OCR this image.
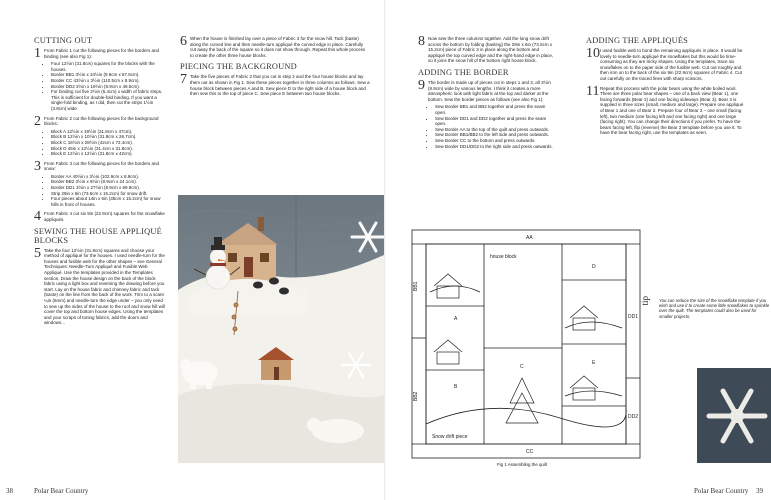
CUTTING OUT
1 From Fabric 1 cut the following pieces for the borders and binding (see also Fig 1):

• Four 12½in (31.8cm) squares for the blocks with the houses.
• Border BB1 3½in x 34½in (8.9cm x 87.6cm).
• Border CC 43½in x 3½in (110.5cm x 8.9cm).
• Border DD2 3½in x 19½in (8.9cm x 49.5cm).
• For binding cut five 2½in (6.4cm) x width of fabric strips. This is sufficient for double-fold binding. If you want a single-fold binding, as I did, then cut the strips 1½in (3.8cm) wide.
2 From Fabric 2 cut the following pieces for the background blocks:

• Block A 12½in x 18½in (31.8cm x 47cm).
• Block B 12½in x 10½in (31.8cm x 26.7cm).
• Block C 16½in x 28½in (42cm x 72.4cm).
• Block D 45in x 12½in (31.4cm x 31.8cm).
• Block E 12½in x 12½in (31.8cm x 42cm).
3 From Fabric 3 cut the following pieces for the borders and snow:

• Border AA 40½in x 3½in (102.9cm x 8.9cm).
• Border BB2 3½in x 9½in (8.9cm x 24.1cm).
• Border DD1 3½in x 27½in (8.9cm x 69.9cm).
• Strip 29in x 6in (73.6cm x 15.2cm) for snow drift.
• Four pieces about 14in x 6in (35cm x 15.2cm) for snow hills in front of houses.
4 From Fabric 4 cut six 9in (22.9cm) squares for the snowflake appliqués.

SEWING THE HOUSE APPLIQUÉ BLOCKS
5 Take the four 12½in (31.8cm) squares and choose your method of appliqué for the houses. I used needle-turn for the houses and fusible web for the other shapes – see General Techniques: Needle-Turn Appliqué and Fusible Web Appliqué. Use the templates provided in the Templates section. Draw the house design on the back of the block fabric using a light box and reversing the drawing before you start. Lay on the house fabric and chimney fabric and tack (baste) on the line from the back of the work. Trim to a scant ¼in (6mm) and needle-turn the edge under – you only need to sew up the sides of the house to the roof and snow hill will cover the top and bottom house edges. Using the templates and your scraps of toning fabrics, add the doors and windows...

6 When the house is finished lay over a piece of Fabric 3 for the snow hill. Tack (baste) along the curved line and then needle-turn appliqué the curved edge in place. Carefully cut away the back of the square so it does not show through. Repeat this whole process to create the other three house blocks.

PIECING THE BACKGROUND
7 Take the five pieces of Fabric 2 that you cut in step 2 and the four house blocks and lay them out as shown in Fig 1. Sew these pieces together in three columns as follows. Sew a house block between pieces A and B. Sew piece D to the right side of a house block and then sew this to the top of piece C. Sew piece E between two house blocks.

38	Polar Bear Country
8 Now sew the three columns together. Add the long snow drift across the bottom by folding (basting) the 29in x 6in (73.6cm x 15.2cm) piece of Fabric 3 in place along the bottom and appliqué the top curved edge and the right-hand edge in place, so it joins the snow hill of the bottom right house block.

ADDING THE BORDER
9 The border is made up of pieces cut in steps 1 and 3, all 3½in (8.9cm) wide by various lengths. I think it creates a more atmospheric look with light fabric at the top and darker at the bottom. Sew the border pieces as follows (see also Fig 1):

• Sew Border BB1 and BB2 together and press the seam open.
• Sew Border DD1 and DD2 together and press the seam open.
• Sew Border AA to the top of the quilt and press outwards.
• Sew Border BB1/BB2 to the left side and press outwards.
• Sew Border CC to the bottom and press outwards.
• Sew Border DD1/DD2 to the right side and press outwards.
ADDING THE APPLIQUÉS
10 I used fusible web to bond the remaining appliqués in place. It would be lovely to needle-turn appliqué the snowflakes but this would be time-consuming as they are tricky shapes. Using the templates, trace six snowflakes on to the paper side of the fusible web. Cut out roughly and then iron on to the back of the six 9in (22.9cm) squares of Fabric 4. Cut out carefully on the traced lines with sharp scissors.

11 Repeat this process with the polar bears using the white boiled wool. There are three polar bear shapes – one of a back view (Bear 1), one facing forwards (Bear 2) and one facing sideways (Bear 3). Bear 3 is supplied in three sizes (small, medium and large). Prepare one appliqué of Bear 1 and one of Bear 2. Prepare four of Bear 3 – one small (facing left), two medium (one facing left and one facing right) and one large (facing right). You can change their directions if you prefer. To have the bears facing left, flip (reverse) the Bear 3 template before you use it. To have the bear facing right, use the templates as seen.

Polar Bear Country 39
AA
BB1
BB2
CC
DD1
DD2
A
B
C
D
E
house block
Snow drift piece
Fig 1 Assembling the quilt
tip	You can reduce the size of the snowflake template if you wish and use it to create some little snowflakes to sprinkle over the quilt. The templates could also be used for smaller projects.
